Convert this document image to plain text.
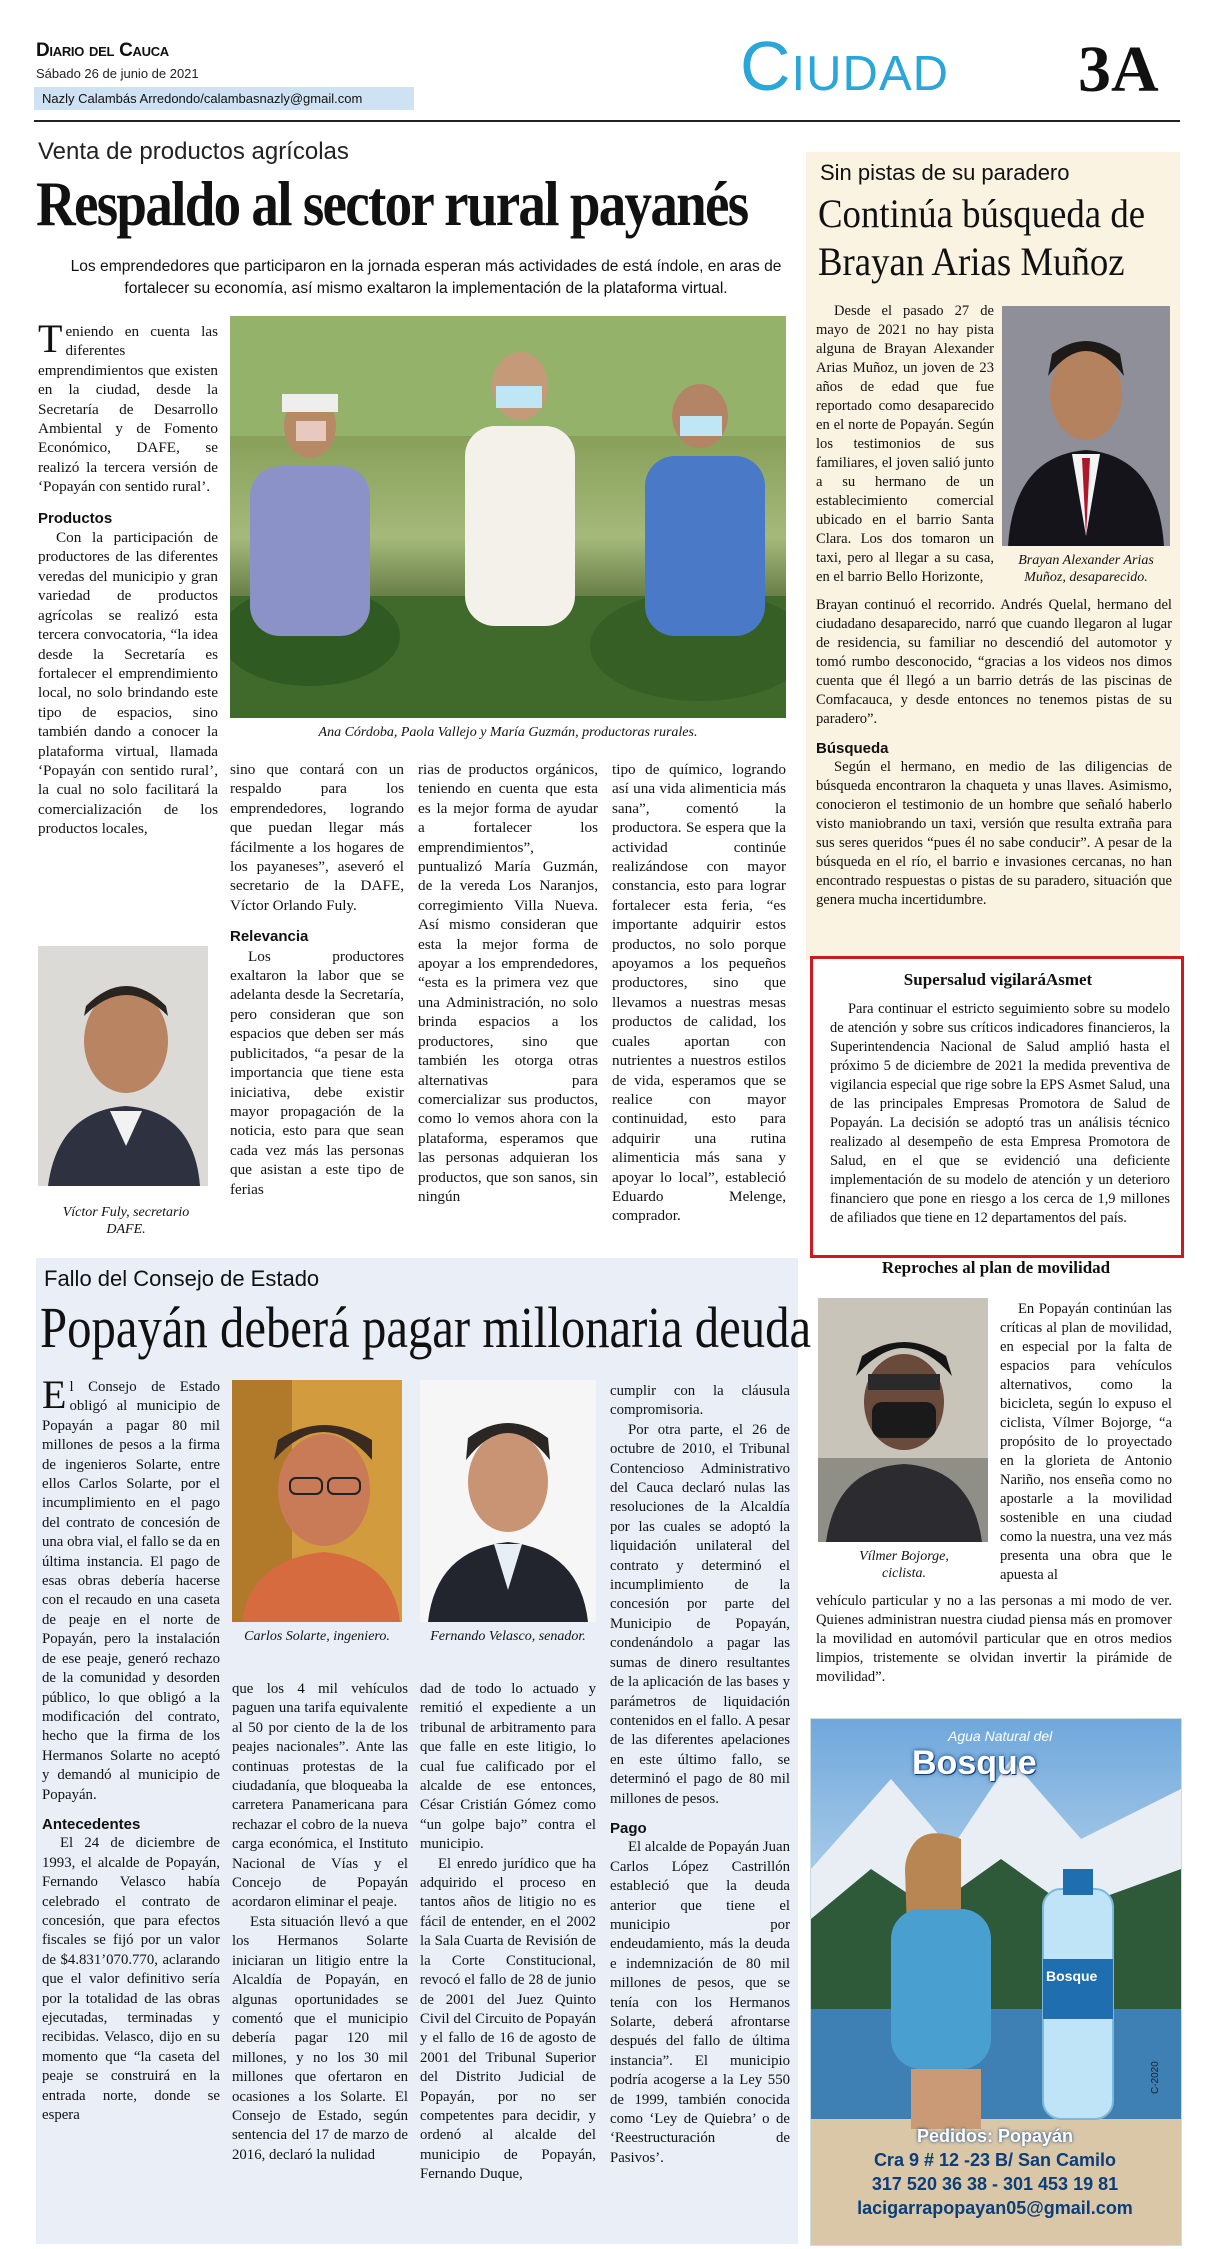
Diario del Cauca
Sábado 26 de junio de 2021
Nazly Calambás Arredondo/calambasnazly@gmail.com	Ciudad 3A
Venta de productos agrícolas
Respaldo al sector rural payanés
Los emprendedores que participaron en la jornada esperan más actividades de está índole, en aras de fortalecer su economía, así mismo exaltaron la implementación de la plataforma virtual.
Ana Córdoba, Paola Vallejo y María Guzmán, productoras rurales.

Teniendo en cuenta las diferentes emprendimientos que existen en la ciudad, desde la Secretaría de Desarrollo Ambiental y de Fomento Económico, DAFE, se realizó la tercera versión de ‘Popayán con sentido rural’.

Productos

Con la participación de productores de las diferentes veredas del municipio y gran variedad de productos agrícolas se realizó esta tercera convocatoria, “la idea desde la Secretaría es fortalecer el emprendimiento local, no solo brindando este tipo de espacios, sino también dando a conocer la plataforma virtual, llamada ‘Popayán con sentido rural’, la cual no solo facilitará la comercialización de los productos locales,

Víctor Fuly, secretario DAFE.

sino que contará con un respaldo para los emprendedores, logrando que puedan llegar más fácilmente a los hogares de los payaneses”, aseveró el secretario de la DAFE, Víctor Orlando Fuly.

Relevancia

Los productores exaltaron la labor que se adelanta desde la Secretaría, pero consideran que son espacios que deben ser más publicitados, “a pesar de la importancia que tiene esta iniciativa, debe existir mayor propagación de la noticia, esto para que sean cada vez más las personas que asistan a este tipo de ferias

rias de productos orgánicos, teniendo en cuenta que esta es la mejor forma de ayudar a fortalecer los emprendimientos”, puntualizó María Guzmán, de la vereda Los Naranjos, corregimiento Villa Nueva. Así mismo consideran que esta la mejor forma de apoyar a los emprendedores, “esta es la primera vez que una Administración, no solo brinda espacios a los productores, sino que también les otorga otras alternativas para comercializar sus productos, como lo vemos ahora con la plataforma, esperamos que las personas adquieran los productos, que son sanos, sin ningún

tipo de químico, logrando así una vida alimenticia más sana”, comentó la productora. Se espera que la actividad continúe realizándose con mayor constancia, esto para lograr fortalecer esta feria, “es importante adquirir estos productos, no solo porque apoyamos a los pequeños productores, sino que llevamos a nuestras mesas productos de calidad, los cuales aportan con nutrientes a nuestros estilos de vida, esperamos que se realice con mayor continuidad, esto para adquirir una rutina alimenticia más sana y apoyar lo local”, estableció Eduardo Melenge, comprador.

Sin pistas de su paradero
Continúa búsqueda de Brayan Arias Muñoz

Desde el pasado 27 de mayo de 2021 no hay pista alguna de Brayan Alexander Arias Muñoz, un joven de 23 años de edad que fue reportado como desaparecido en el norte de Popayán. Según los testimonios de sus familiares, el joven salió junto a su hermano de un establecimiento comercial ubicado en el barrio Santa Clara. Los dos tomaron un taxi, pero al llegar a su casa, en el barrio Bello Horizonte,

Brayan Alexander Arias Muñoz, desaparecido.

Brayan continuó el recorrido. Andrés Quelal, hermano del ciudadano desaparecido, narró que cuando llegaron al lugar de residencia, su familiar no descendió del automotor y tomó rumbo desconocido, “gracias a los videos nos dimos cuenta que él llegó a un barrio detrás de las piscinas de Comfacauca, y desde entonces no tenemos pistas de su paradero”.

Búsqueda

Según el hermano, en medio de las diligencias de búsqueda encontraron la chaqueta y unas llaves. Asimismo, conocieron el testimonio de un hombre que señaló haberlo visto maniobrando un taxi, versión que resulta extraña para sus seres queridos “pues él no sabe conducir”. A pesar de la búsqueda en el río, el barrio e invasiones cercanas, no han encontrado respuestas o pistas de su paradero, situación que genera mucha incertidumbre.

Supersalud vigilaráAsmet
Para continuar el estricto seguimiento sobre su modelo de atención y sobre sus críticos indicadores financieros, la Superintendencia Nacional de Salud amplió hasta el próximo 5 de diciembre de 2021 la medida preventiva de vigilancia especial que rige sobre la EPS Asmet Salud, una de las principales Empresas Promotora de Salud de Popayán. La decisión se adoptó tras un análisis técnico realizado al desempeño de esta Empresa Promotora de Salud, en el que se evidenció una deficiente implementación de su modelo de atención y un deterioro financiero que pone en riesgo a los cerca de 1,9 millones de afiliados que tiene en 12 departamentos del país.
Reproches al plan de movilidad
Vílmer Bojorge, ciclista.

En Popayán continúan las críticas al plan de movilidad, en especial por la falta de espacios para vehículos alternativos, como la bicicleta, según lo expuso el ciclista, Vílmer Bojorge, “a propósito de lo proyectado en la glorieta de Antonio Nariño, nos enseña como no apostarle a la movilidad sostenible en una ciudad como la nuestra, una vez más presenta una obra que le apuesta al

vehículo particular y no a las personas a mi modo de ver. Quienes administran nuestra ciudad piensa más en promover la movilidad en automóvil particular que en otros medios limpios, tristemente se olvidan invertir la pirámide de movilidad”.

Fallo del Consejo de Estado
Popayán deberá pagar millonaria deuda

El Consejo de Estado obligó al municipio de Popayán a pagar 80 mil millones de pesos a la firma de ingenieros Solarte, entre ellos Carlos Solarte, por el incumplimiento en el pago del contrato de concesión de una obra vial, el fallo se da en última instancia. El pago de esas obras debería hacerse con el recaudo en una caseta de peaje en el norte de Popayán, pero la instalación de ese peaje, generó rechazo de la comunidad y desorden público, lo que obligó a la modificación del contrato, hecho que la firma de los Hermanos Solarte no aceptó y demandó al municipio de Popayán.

Antecedentes

El 24 de diciembre de 1993, el alcalde de Popayán, Fernando Velasco había celebrado el contrato de concesión, que para efectos fiscales se fijó por un valor de $4.831’070.770, aclarando que el valor definitivo sería por la totalidad de las obras ejecutadas, terminadas y recibidas. Velasco, dijo en su momento que “la caseta del peaje se construirá en la entrada norte, donde se espera

Carlos Solarte, ingeniero.	Fernando Velasco, senador.

que los 4 mil vehículos paguen una tarifa equivalente al 50 por ciento de la de los peajes nacionales”. Ante las continuas protestas de la ciudadanía, que bloqueaba la carretera Panamericana para rechazar el cobro de la nueva carga económica, el Instituto Nacional de Vías y el Concejo de Popayán acordaron eliminar el peaje.

Esta situación llevó a que los Hermanos Solarte iniciaran un litigio entre la Alcaldía de Popayán, en algunas oportunidades se comentó que el municipio debería pagar 120 mil millones, y no los 30 mil millones que ofertaron en ocasiones a los Solarte. El Consejo de Estado, según sentencia del 17 de marzo de 2016, declaró la nulidad

dad de todo lo actuado y remitió el expediente a un tribunal de arbitramento para que falle en este litigio, lo cual fue calificado por el alcalde de ese entonces, César Cristián Gómez como “un golpe bajo” contra el municipio.

El enredo jurídico que ha adquirido el proceso en tantos años de litigio no es fácil de entender, en el 2002 la Sala Cuarta de Revisión de la Corte Constitucional, revocó el fallo de 28 de junio de 2001 del Juez Quinto Civil del Circuito de Popayán y el fallo de 16 de agosto de 2001 del Tribunal Superior del Distrito Judicial de Popayán, por no ser competentes para decidir, y ordenó al alcalde del municipio de Popayán, Fernando Duque,

cumplir con la cláusula compromisoria.

Por otra parte, el 26 de octubre de 2010, el Tribunal Contencioso Administrativo del Cauca declaró nulas las resoluciones de la Alcaldía por las cuales se adoptó la liquidación unilateral del contrato y determinó el incumplimiento de la concesión por parte del Municipio de Popayán, condenándolo a pagar las sumas de dinero resultantes de la aplicación de las bases y parámetros de liquidación contenidos en el fallo. A pesar de las diferentes apelaciones en este último fallo, se determinó el pago de 80 mil millones de pesos.

Pago

El alcalde de Popayán Juan Carlos López Castrillón estableció que la deuda anterior que tiene el municipio por endeudamiento, más la deuda e indemnización de 80 mil millones de pesos, que se tenía con los Hermanos Solarte, deberá afrontarse después del fallo de última instancia”. El municipio podría acogerse a la Ley 550 de 1999, también conocida como ‘Ley de Quiebra’ o de ‘Reestructuración de Pasivos’.

Agua Natural del
Bosque
Bosque
C-2020
Pedidos: Popayán
Cra 9 # 12 -23 B/ San Camilo
317 520 36 38 - 301 453 19 81
lacigarrapopayan05@gmail.com
